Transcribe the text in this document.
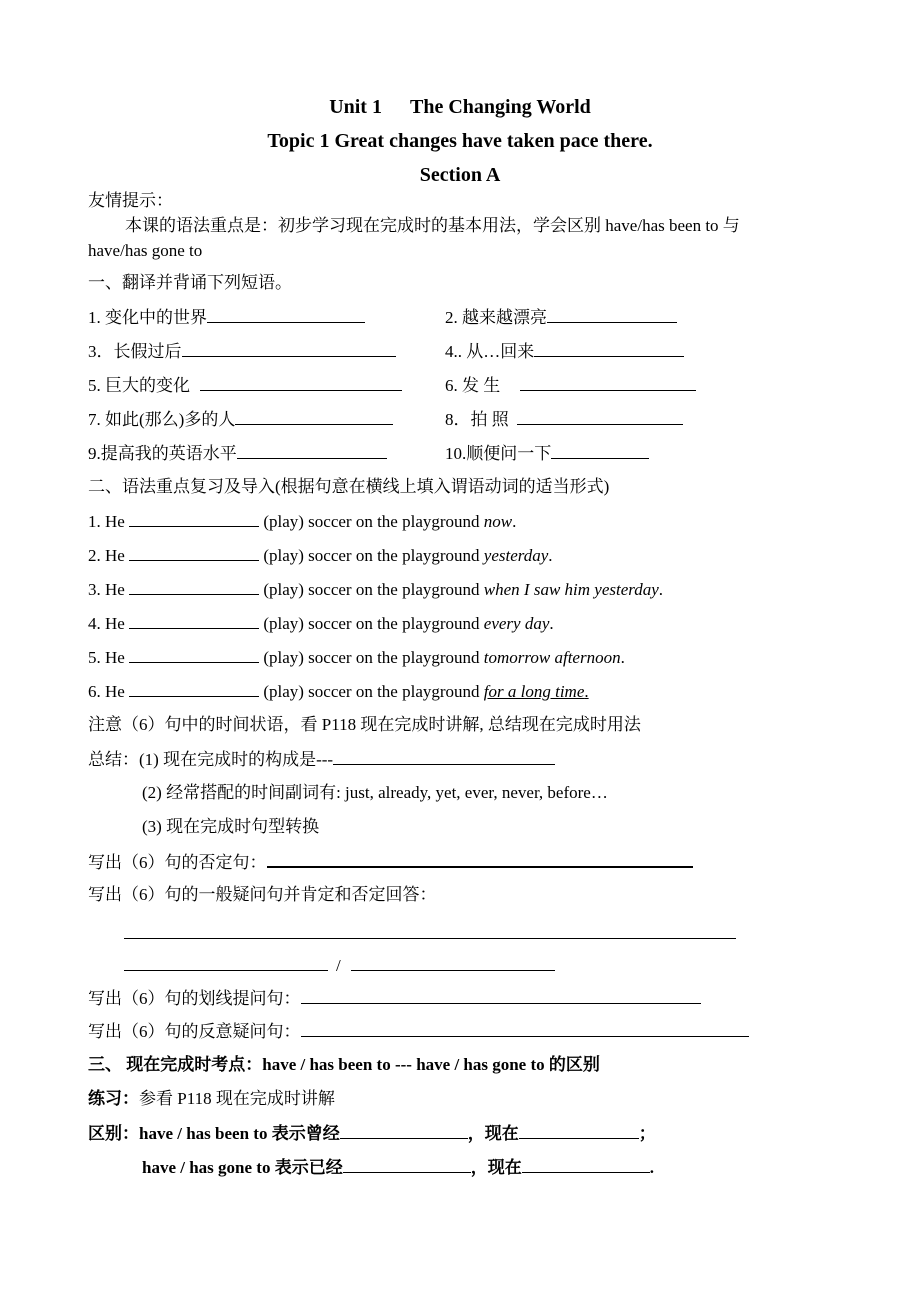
Unit 1 The Changing World
Topic 1 Great changes have taken pace there.
Section A
友情提示：
本课的语法重点是：初步学习现在完成时的基本用法，学会区别 have/has been to 与
have/has gone to
一、翻译并背诵下列短语。
1. 变化中的世界	2. 越来越漂亮
3．长假过后	4.. 从…回来
5. 巨大的变化	6. 发 生
7. 如此(那么)多的人	8．拍 照
9.提高我的英语水平	10.顺便问一下
二、语法重点复习及导入(根据句意在横线上填入谓语动词的适当形式)
1. He	(play) soccer on the playground now.
2. He	(play) soccer on the playground yesterday.
3. He	(play) soccer on the playground when I saw him yesterday.
4. He	(play) soccer on the playground every day.
5. He	(play) soccer on the playground tomorrow afternoon.
6. He	(play) soccer on the playground for a long time.
注意（6）句中的时间状语，看 P118 现在完成时讲解, 总结现在完成时用法
总结：(1) 现在完成时的构成是---
(2) 经常搭配的时间副词有: just, already, yet, ever, never, before…
(3) 现在完成时句型转换
写出（6）句的否定句：
写出（6）句的一般疑问句并肯定和否定回答：
/
写出（6）句的划线提问句：
写出（6）句的反意疑问句：
三、 现在完成时考点：have / has been to --- have / has gone to 的区别
练习：参看 P118 现在完成时讲解
区别：have / has been to 表示曾经	，现在	；
have / has gone to 表示已经	，现在	.
